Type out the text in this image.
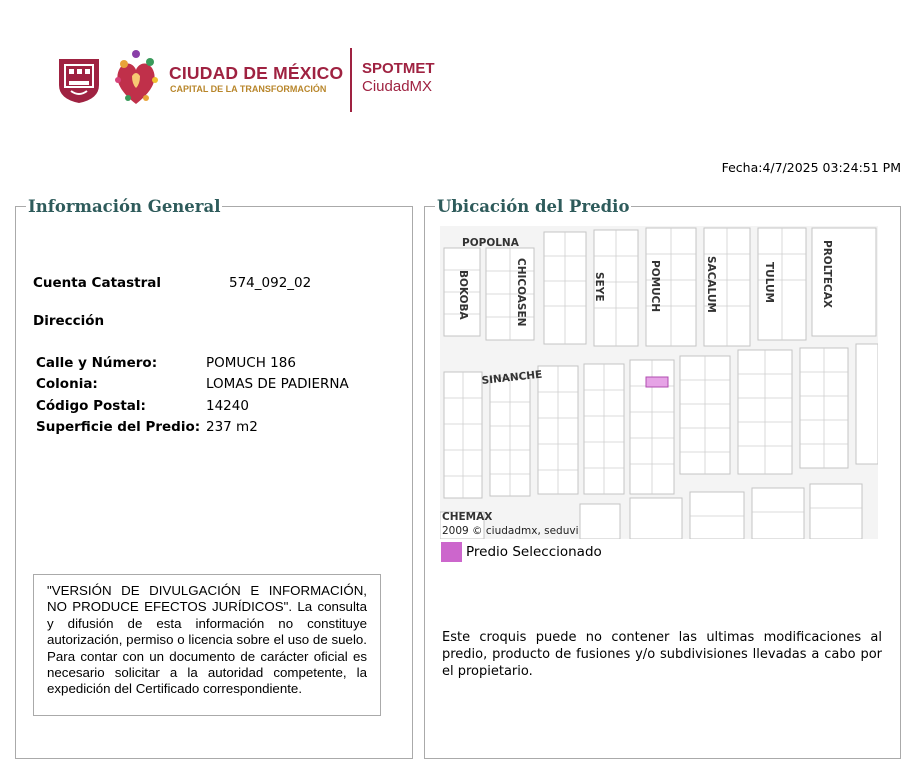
CIUDAD DE MÉXICO
CAPITAL DE LA TRANSFORMACIÓN
SPOTMET
CiudadMX
Fecha:4/7/2025 03:24:51 PM
Información General	Ubicación del Predio
Cuenta Catastral	574_092_02
Dirección
Calle y Número:	POMUCH 186
Colonia:	LOMAS DE PADIERNA
Código Postal:	14240
Superficie del Predio: 237 m2
"VERSIÓN DE DIVULGACIÓN E INFORMACIÓN, NO PRODUCE EFECTOS JURÍDICOS". La consulta y difusión de esta información no constituye autorización, permiso o licencia sobre el uso de suelo. Para contar con un documento de carácter oficial es necesario solicitar a la autoridad competente, la expedición del Certificado correspondiente.
POPOLNA
BOKOBA	CHICOASEN	SEYE	POMUCH	SACALUM	TULUM	PROLTECAX
SINANCHE
CHEMAX
2009 © ciudadmx, seduvi
Predio Seleccionado
Este croquis puede no contener las ultimas modificaciones al predio, producto de fusiones y/o subdivisiones llevadas a cabo por el propietario.
